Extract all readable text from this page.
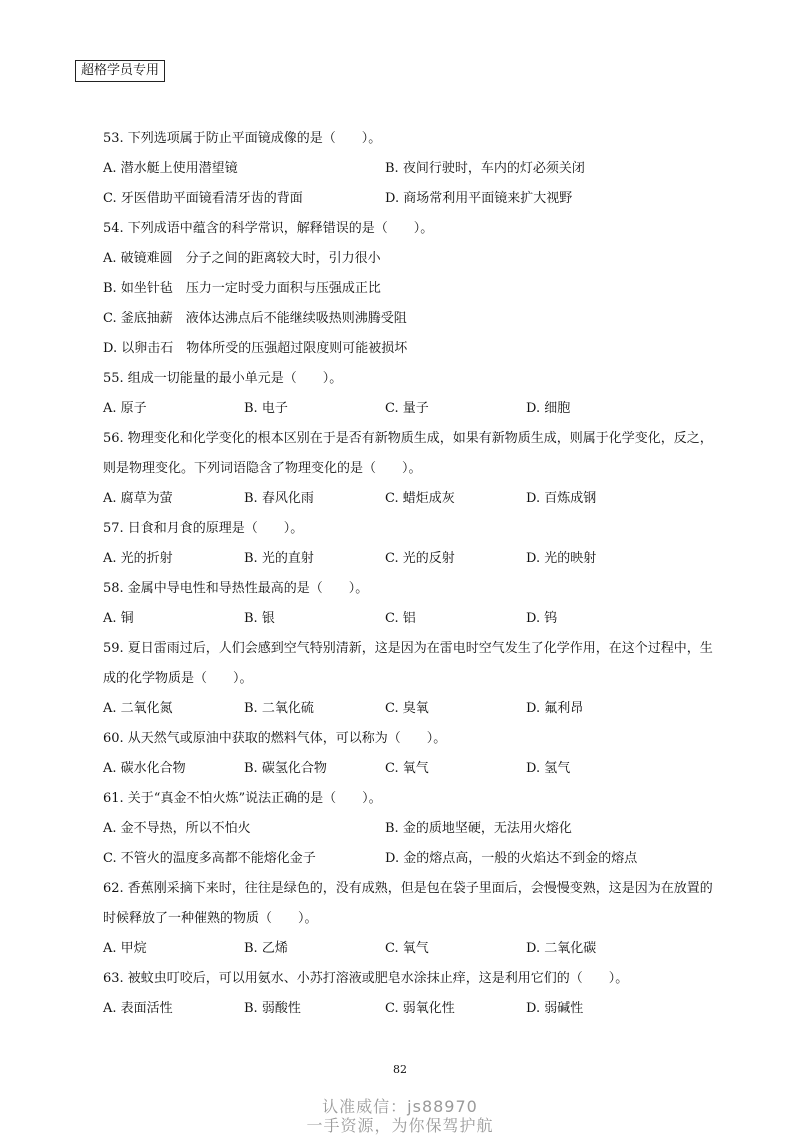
超格学员专用

53. 下列选项属于防止平面镜成像的是（　　）。

A. 潜水艇上使用潜望镜	B. 夜间行驶时，车内的灯必须关闭
C. 牙医借助平面镜看清牙齿的背面	D. 商场常利用平面镜来扩大视野

54. 下列成语中蕴含的科学常识，解释错误的是（　　）。

A. 破镜难圆　分子之间的距离较大时，引力很小

B. 如坐针毡　压力一定时受力面积与压强成正比

C. 釜底抽薪　液体达沸点后不能继续吸热则沸腾受阻

D. 以卵击石　物体所受的压强超过限度则可能被损坏

55. 组成一切能量的最小单元是（　　）。

A. 原子	B. 电子	C. 量子	D. 细胞

56. 物理变化和化学变化的根本区别在于是否有新物质生成，如果有新物质生成，则属于化学变化，反之，则是物理变化。下列词语隐含了物理变化的是（　　）。

A. 腐草为萤	B. 春风化雨	C. 蜡炬成灰	D. 百炼成钢

57. 日食和月食的原理是（　　）。

A. 光的折射	B. 光的直射	C. 光的反射	D. 光的映射

58. 金属中导电性和导热性最高的是（　　）。

A. 铜	B. 银	C. 铝	D. 钨

59. 夏日雷雨过后，人们会感到空气特别清新，这是因为在雷电时空气发生了化学作用，在这个过程中，生成的化学物质是（　　）。

A. 二氧化氮	B. 二氧化硫	C. 臭氧	D. 氟利昂

60. 从天然气或原油中获取的燃料气体，可以称为（　　）。

A. 碳水化合物	B. 碳氢化合物	C. 氧气	D. 氢气

61. 关于“真金不怕火炼”说法正确的是（　　）。

A. 金不导热，所以不怕火	B. 金的质地坚硬，无法用火熔化
C. 不管火的温度多高都不能熔化金子	D. 金的熔点高，一般的火焰达不到金的熔点

62. 香蕉刚采摘下来时，往往是绿色的，没有成熟，但是包在袋子里面后，会慢慢变熟，这是因为在放置的时候释放了一种催熟的物质（　　）。

A. 甲烷	B. 乙烯	C. 氧气	D. 二氧化碳

63. 被蚊虫叮咬后，可以用氨水、小苏打溶液或肥皂水涂抹止痒，这是利用它们的（　　）。

A. 表面活性	B. 弱酸性	C. 弱氧化性	D. 弱碱性
82
认准威信：js88970
一手资源，为你保驾护航
